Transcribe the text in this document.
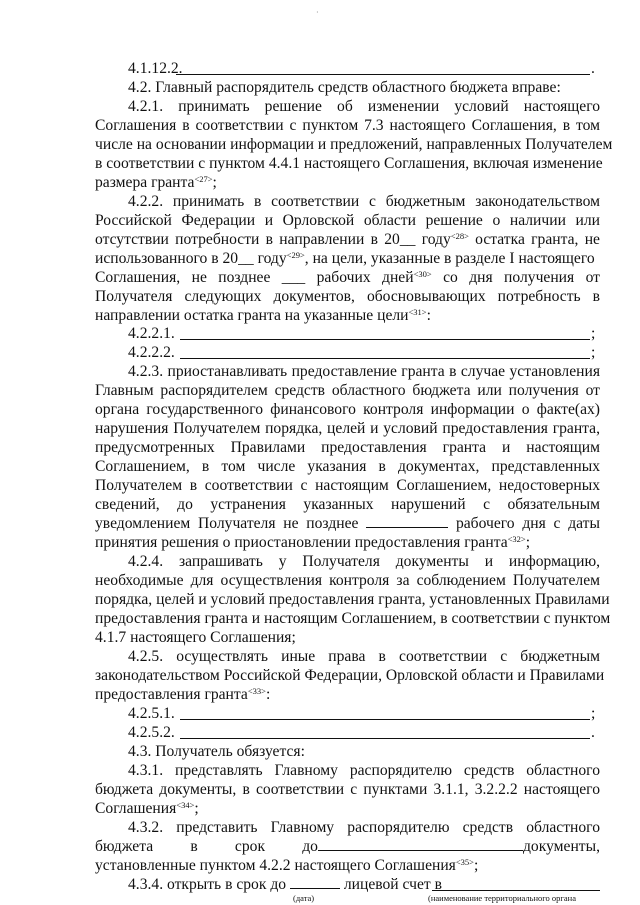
·
4.1.12.2.	.
4.2. Главный распорядитель средств областного бюджета вправе:
4.2.1. принимать решение об изменении условий настоящего
Соглашения в соответствии с пунктом 7.3 настоящего Соглашения, в том
числе на основании информации и предложений, направленных Получателем
в соответствии с пунктом 4.4.1 настоящего Соглашения, включая изменение
размера гранта$^{<27>}$;
4.2.2. принимать в соответствии с бюджетным законодательством
Российской Федерации и Орловской области решение о наличии или
отсутствии потребности в направлении в 20__ году$^{<28>}$ остатка гранта, не
использованного в 20__ году$^{<29>}$, на цели, указанные в разделе I настоящего
Соглашения, не позднее ___ рабочих дней$^{<30>}$ со дня получения от
Получателя следующих документов, обосновывающих потребность в
направлении остатка гранта на указанные цели$^{<31>}$:
4.2.2.1.	;
4.2.2.2.	;
4.2.3. приостанавливать предоставление гранта в случае установления
Главным распорядителем средств областного бюджета или получения от
органа государственного финансового контроля информации о факте(ах)
нарушения Получателем порядка, целей и условий предоставления гранта,
предусмотренных Правилами предоставления гранта и настоящим
Соглашением, в том числе указания в документах, представленных
Получателем в соответствии с настоящим Соглашением, недостоверных
сведений, до устранения указанных нарушений с обязательным
уведомлением Получателя не позднее	рабочего дня с даты
принятия решения о приостановлении предоставления гранта$^{<32>}$;
4.2.4. запрашивать у Получателя документы и информацию,
необходимые для осуществления контроля за соблюдением Получателем
порядка, целей и условий предоставления гранта, установленных Правилами
предоставления гранта и настоящим Соглашением, в соответствии с пунктом
4.1.7 настоящего Соглашения;
4.2.5. осуществлять иные права в соответствии с бюджетным
законодательством Российской Федерации, Орловской области и Правилами
предоставления гранта$^{<33>}$:
4.2.5.1.	;
4.2.5.2.	.
4.3. Получатель обязуется:
4.3.1. представлять Главному распорядителю средств областного
бюджета документы, в соответствии с пунктами 3.1.1, 3.2.2.2 настоящего
Соглашения$^{<34>}$;
4.3.2. представить Главному распорядителю средств областного
бюджета в срок до	документы,
установленные пунктом 4.2.2 настоящего Соглашения$^{<35>}$;
4.3.4. открыть в срок до	лицевой счет в
(дата)	(наименование территориального органа
